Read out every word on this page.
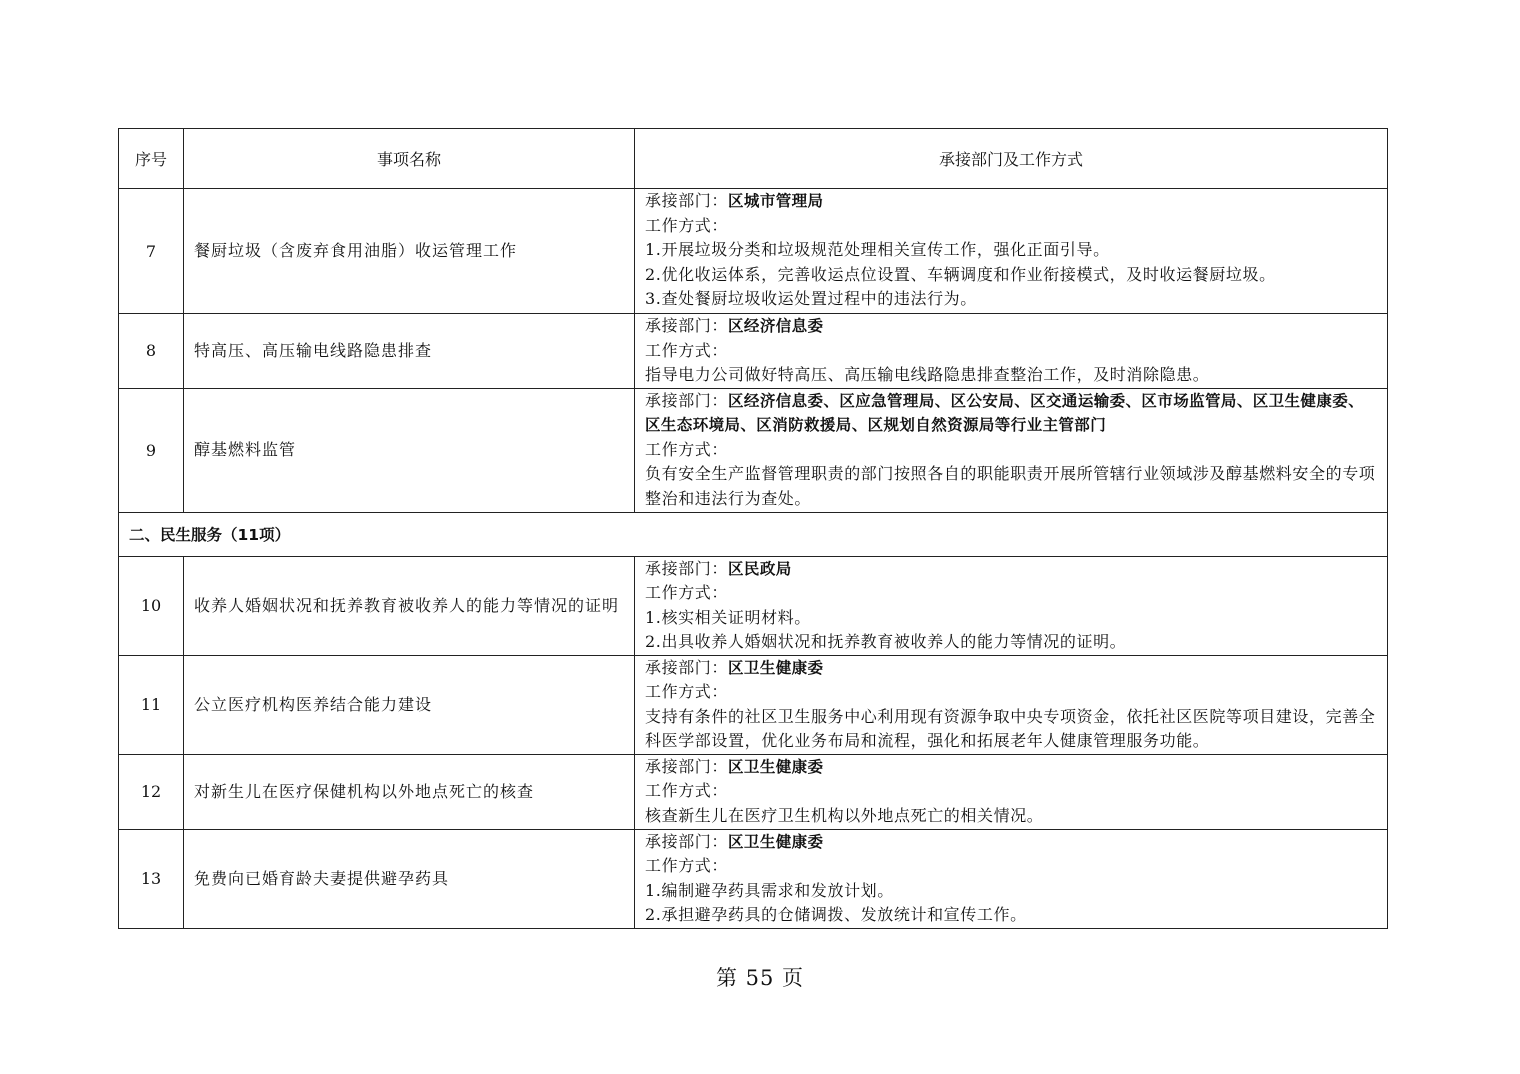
序号	事项名称	承接部门及工作方式
7	餐厨垃圾（含废弃食用油脂）收运管理工作	承接部门：区城市管理局
工作方式：
1.开展垃圾分类和垃圾规范处理相关宣传工作，强化正面引导。
2.优化收运体系，完善收运点位设置、车辆调度和作业衔接模式，及时收运餐厨垃圾。
3.查处餐厨垃圾收运处置过程中的违法行为。

8	特高压、高压输电线路隐患排查	承接部门：区经济信息委
工作方式：
指导电力公司做好特高压、高压输电线路隐患排查整治工作，及时消除隐患。

9	醇基燃料监管	承接部门：区经济信息委、区应急管理局、区公安局、区交通运输委、区市场监管局、区卫生健康委、区生态环境局、区消防救援局、区规划自然资源局等行业主管部门
工作方式：
负有安全生产监督管理职责的部门按照各自的职能职责开展所管辖行业领域涉及醇基燃料安全的专项整治和违法行为查处。

二、民生服务（11项）		
10	收养人婚姻状况和抚养教育被收养人的能力等情况的证明	承接部门：区民政局
工作方式：
1.核实相关证明材料。
2.出具收养人婚姻状况和抚养教育被收养人的能力等情况的证明。

11	公立医疗机构医养结合能力建设	承接部门：区卫生健康委
工作方式：
支持有条件的社区卫生服务中心利用现有资源争取中央专项资金，依托社区医院等项目建设，完善全科医学部设置，优化业务布局和流程，强化和拓展老年人健康管理服务功能。

12	对新生儿在医疗保健机构以外地点死亡的核查	承接部门：区卫生健康委
工作方式：
核查新生儿在医疗卫生机构以外地点死亡的相关情况。

13	免费向已婚育龄夫妻提供避孕药具	承接部门：区卫生健康委
工作方式：
1.编制避孕药具需求和发放计划。
2.承担避孕药具的仓储调拨、发放统计和宣传工作。
第 55 页
